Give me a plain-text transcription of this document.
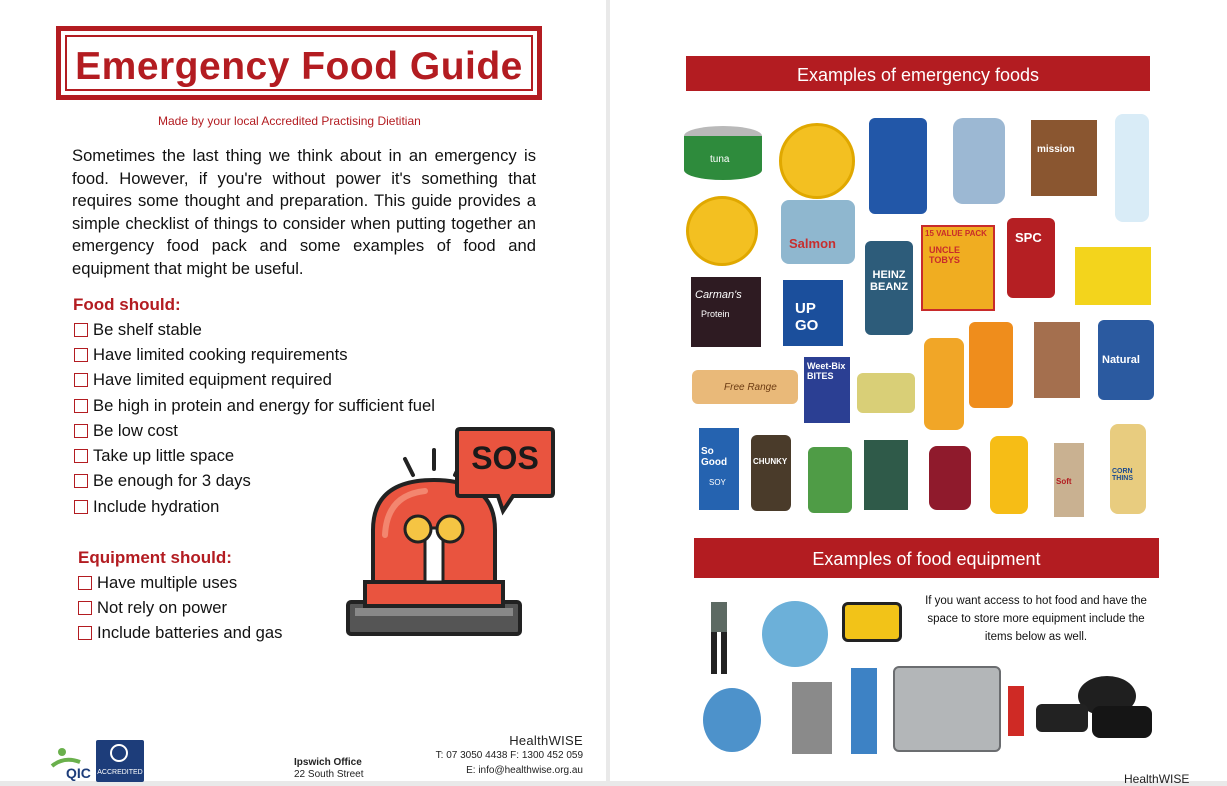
Emergency Food Guide
Made by your local Accredited Practising Dietitian
Sometimes the last thing we think about in an emergency is food. However, if you're without power it's something that requires some thought and preparation. This guide provides a simple checklist of things to consider when putting together an emergency food pack and some examples of food and equipment that might be useful.
Food should:
Be shelf stable
Have limited cooking requirements
Have limited equipment required
Be high in protein and energy for sufficient fuel
Be low cost
Take up little space
Be enough for 3 days
Include hydration
Equipment should:
Have multiple uses
Not rely on power
Include batteries and gas
SOS
QIC ACCREDITED
Ipswich Office
22 South Street
HealthWISE
T: 07 3050 4438 F: 1300 452 059
E: info@healthwise.org.au
Examples of emergency foods
tuna
mission
Salmon
15 VALUE PACK
UNCLE TOBYS
SPC
HEINZ BEANZ
Carman's
Protein	UP GO
Natural
Free Range
Weet-Bix BITES
So Good
SOY
CHUNKY
Soft
CORN THINS
Examples of food equipment
If you want access to hot food and have the space to store more equipment include the items below as well.
HealthWISE
